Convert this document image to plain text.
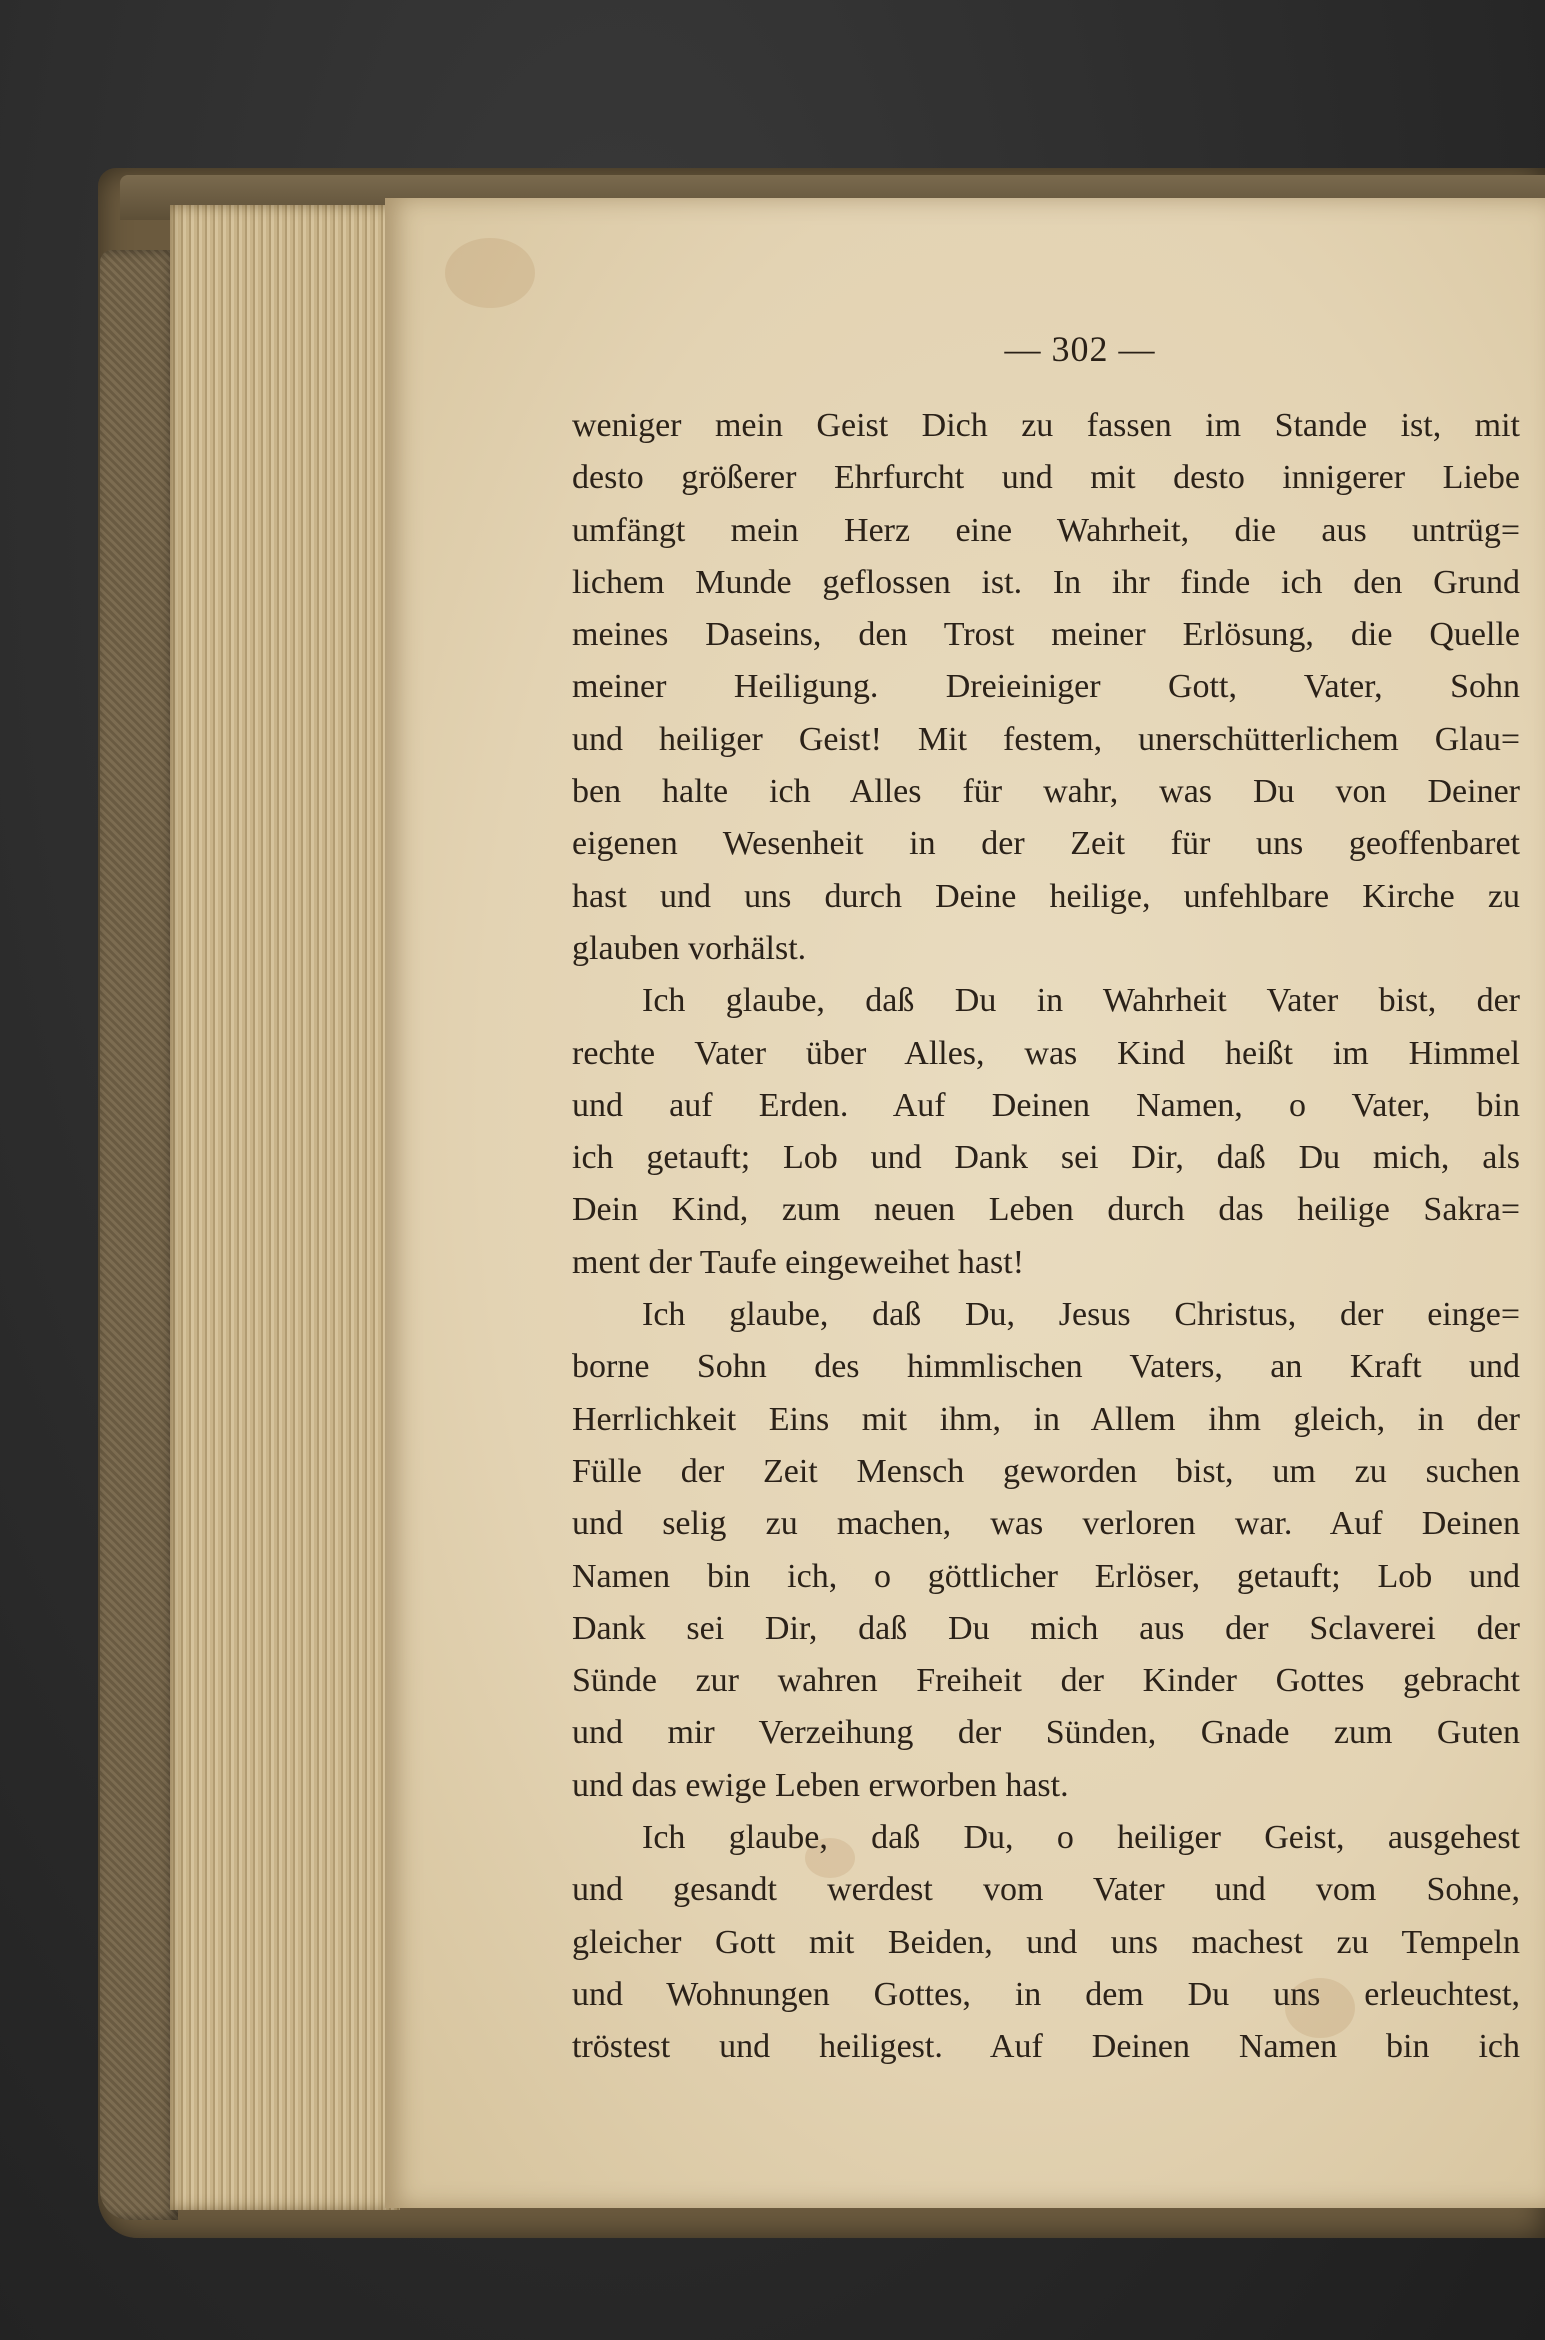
— 302 —
weniger mein Geist Dich zu fassen im Stande ist, mit
desto größerer Ehrfurcht und mit desto innigerer Liebe
umfängt mein Herz eine Wahrheit, die aus untrüg=
lichem Munde geflossen ist. In ihr finde ich den Grund
meines Daseins, den Trost meiner Erlösung, die Quelle
meiner Heiligung. Dreieiniger Gott, Vater, Sohn
und heiliger Geist! Mit festem, unerschütterlichem Glau=
ben halte ich Alles für wahr, was Du von Deiner
eigenen Wesenheit in der Zeit für uns geoffenbaret
hast und uns durch Deine heilige, unfehlbare Kirche zu
glauben vorhälst.
Ich glaube, daß Du in Wahrheit Vater bist, der
rechte Vater über Alles, was Kind heißt im Himmel
und auf Erden. Auf Deinen Namen, o Vater, bin
ich getauft; Lob und Dank sei Dir, daß Du mich, als
Dein Kind, zum neuen Leben durch das heilige Sakra=
ment der Taufe eingeweihet hast!
Ich glaube, daß Du, Jesus Christus, der einge=
borne Sohn des himmlischen Vaters, an Kraft und
Herrlichkeit Eins mit ihm, in Allem ihm gleich, in der
Fülle der Zeit Mensch geworden bist, um zu suchen
und selig zu machen, was verloren war. Auf Deinen
Namen bin ich, o göttlicher Erlöser, getauft; Lob und
Dank sei Dir, daß Du mich aus der Sclaverei der
Sünde zur wahren Freiheit der Kinder Gottes gebracht
und mir Verzeihung der Sünden, Gnade zum Guten
und das ewige Leben erworben hast.
Ich glaube, daß Du, o heiliger Geist, ausgehest
und gesandt werdest vom Vater und vom Sohne,
gleicher Gott mit Beiden, und uns machest zu Tempeln
und Wohnungen Gottes, in dem Du uns erleuchtest,
tröstest und heiligest. Auf Deinen Namen bin ich
